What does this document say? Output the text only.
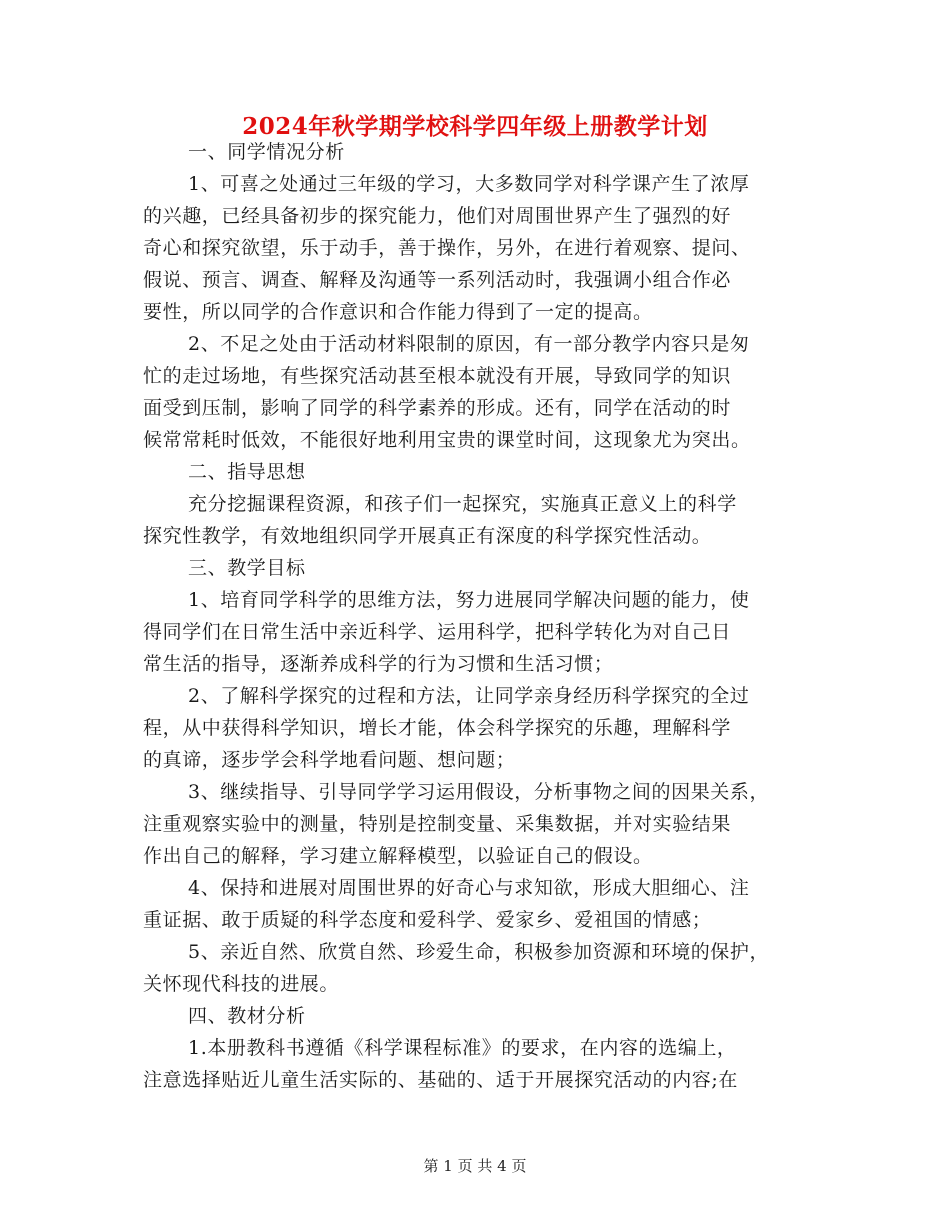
2024年秋学期学校科学四年级上册教学计划
一、同学情况分析
1、可喜之处通过三年级的学习，大多数同学对科学课产生了浓厚
的兴趣，已经具备初步的探究能力，他们对周围世界产生了强烈的好
奇心和探究欲望，乐于动手，善于操作，另外，在进行着观察、提问、
假说、预言、调查、解释及沟通等一系列活动时，我强调小组合作必
要性，所以同学的合作意识和合作能力得到了一定的提高。
2、不足之处由于活动材料限制的原因，有一部分教学内容只是匆
忙的走过场地，有些探究活动甚至根本就没有开展，导致同学的知识
面受到压制，影响了同学的科学素养的形成。还有，同学在活动的时
候常常耗时低效，不能很好地利用宝贵的课堂时间，这现象尤为突出。
二、指导思想
充分挖掘课程资源，和孩子们一起探究，实施真正意义上的科学
探究性教学，有效地组织同学开展真正有深度的科学探究性活动。
三、教学目标
1、培育同学科学的思维方法，努力进展同学解决问题的能力，使
得同学们在日常生活中亲近科学、运用科学，把科学转化为对自己日
常生活的指导，逐渐养成科学的行为习惯和生活习惯；
2、了解科学探究的过程和方法，让同学亲身经历科学探究的全过
程，从中获得科学知识，增长才能，体会科学探究的乐趣，理解科学
的真谛，逐步学会科学地看问题、想问题；
3、继续指导、引导同学学习运用假设，分析事物之间的因果关系，
注重观察实验中的测量，特别是控制变量、采集数据，并对实验结果
作出自己的解释，学习建立解释模型，以验证自己的假设。
4、保持和进展对周围世界的好奇心与求知欲，形成大胆细心、注
重证据、敢于质疑的科学态度和爱科学、爱家乡、爱祖国的情感；
5、亲近自然、欣赏自然、珍爱生命，积极参加资源和环境的保护，
关怀现代科技的进展。
四、教材分析
1.本册教科书遵循《科学课程标准》的要求，在内容的选编上，
注意选择贴近儿童生活实际的、基础的、适于开展探究活动的内容;在
第 1 页 共 4 页
